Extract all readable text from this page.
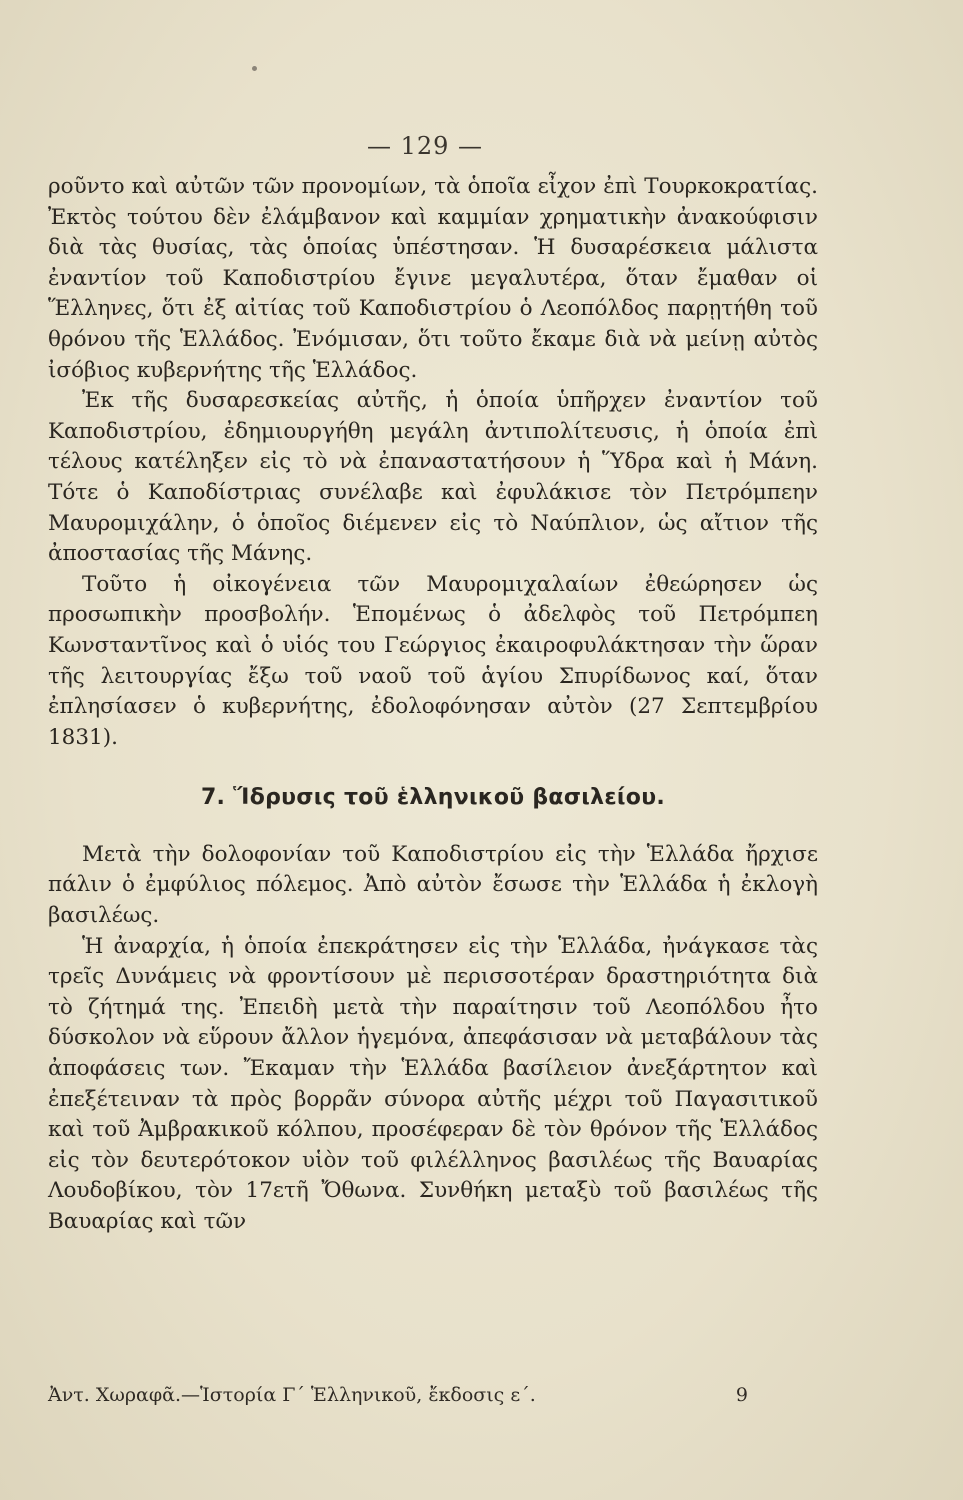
— 129 —

ροῦντο καὶ αὐτῶν τῶν προνομίων, τὰ ὁποῖα εἶχον ἐπὶ Τουρκοκρατίας. Ἐκτὸς τούτου δὲν ἐλάμβανον καὶ καμμίαν χρηματικὴν ἀνακούφισιν διὰ τὰς θυσίας, τὰς ὁποίας ὑπέστησαν. Ἡ δυσαρέσκεια μάλιστα ἐναντίον τοῦ Καποδιστρίου ἔγινε μεγαλυτέρα, ὅταν ἔμαθαν οἱ Ἕλληνες, ὅτι ἐξ αἰτίας τοῦ Καποδιστρίου ὁ Λεοπόλδος παρῃτήθη τοῦ θρόνου τῆς Ἑλλάδος. Ἐνόμισαν, ὅτι τοῦτο ἔκαμε διὰ νὰ μείνῃ αὐτὸς ἰσόβιος κυβερνήτης τῆς Ἑλλάδος.

Ἐκ τῆς δυσαρεσκείας αὐτῆς, ἡ ὁποία ὑπῆρχεν ἐναντίον τοῦ Καποδιστρίου, ἐδημιουργήθη μεγάλη ἀντιπολίτευσις, ἡ ὁποία ἐπὶ τέλους κατέληξεν εἰς τὸ νὰ ἐπαναστατήσουν ἡ Ὕδρα καὶ ἡ Μάνη. Τότε ὁ Καποδίστριας συνέλαβε καὶ ἐφυλάκισε τὸν Πετρόμπεην Μαυρομιχάλην, ὁ ὁποῖος διέμενεν εἰς τὸ Ναύπλιον, ὡς αἴτιον τῆς ἀποστασίας τῆς Μάνης.

Τοῦτο ἡ οἰκογένεια τῶν Μαυρομιχαλαίων ἐθεώρησεν ὡς προσωπικὴν προσβολήν. Ἑπομένως ὁ ἀδελφὸς τοῦ Πετρόμπεη Κωνσταντῖνος καὶ ὁ υἱός του Γεώργιος ἐκαιροφυλάκτησαν τὴν ὥραν τῆς λειτουργίας ἔξω τοῦ ναοῦ τοῦ ἁγίου Σπυρίδωνος καί, ὅταν ἐπλησίασεν ὁ κυβερνήτης, ἐδολοφόνησαν αὐτὸν (27 Σεπτεμβρίου 1831).

7. Ἵδρυσις τοῦ ἑλληνικοῦ βασιλείου.

Μετὰ τὴν δολοφονίαν τοῦ Καποδιστρίου εἰς τὴν Ἑλλάδα ἤρχισε πάλιν ὁ ἐμφύλιος πόλεμος. Ἀπὸ αὐτὸν ἔσωσε τὴν Ἑλλάδα ἡ ἐκλογὴ βασιλέως.

Ἡ ἀναρχία, ἡ ὁποία ἐπεκράτησεν εἰς τὴν Ἑλλάδα, ἠνάγκασε τὰς τρεῖς Δυνάμεις νὰ φροντίσουν μὲ περισσοτέραν δραστηριότητα διὰ τὸ ζήτημά της. Ἐπειδὴ μετὰ τὴν παραίτησιν τοῦ Λεοπόλδου ἦτο δύσκολον νὰ εὕρουν ἄλλον ἡγεμόνα, ἀπεφάσισαν νὰ μεταβάλουν τὰς ἀποφάσεις των. Ἔκαμαν τὴν Ἑλλάδα βασίλειον ἀνεξάρτητον καὶ ἐπεξέτειναν τὰ πρὸς βορρᾶν σύνορα αὐτῆς μέχρι τοῦ Παγασιτικοῦ καὶ τοῦ Ἀμβρακικοῦ κόλπου, προσέφεραν δὲ τὸν θρόνον τῆς Ἑλλάδος εἰς τὸν δευτερότοκον υἱὸν τοῦ φιλέλληνος βασιλέως τῆς Βαυαρίας Λουδοβίκου, τὸν 17ετῆ Ὄθωνα. Συνθήκη μεταξὺ τοῦ βασιλέως τῆς Βαυαρίας καὶ τῶν

Ἀντ. Χωραφᾶ.—Ἱστορία Γ´ Ἑλληνικοῦ, ἔκδοσις ε´.	9
